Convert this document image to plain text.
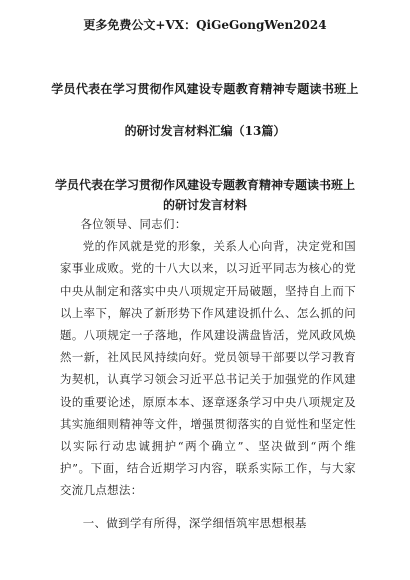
更多免费公文+VX：QiGeGongWen2024
学员代表在学习贯彻作风建设专题教育精神专题读书班上
的研讨发言材料汇编（13篇）
学员代表在学习贯彻作风建设专题教育精神专题读书班上
的研讨发言材料

各位领导、同志们：

党的作风就是党的形象，关系人心向背，决定党和国家事业成败。党的十八大以来，以习近平同志为核心的党中央从制定和落实中央八项规定开局破题，坚持自上而下以上率下，解决了新形势下作风建设抓什么、怎么抓的问题。八项规定一子落地，作风建设满盘皆活，党风政风焕然一新，社风民风持续向好。党员领导干部要以学习教育为契机，认真学习领会习近平总书记关于加强党的作风建设的重要论述，原原本本、逐章逐条学习中央八项规定及其实施细则精神等文件，增强贯彻落实的自觉性和坚定性以实际行动忠诚拥护“两个确立”、坚决做到“两个维护”。下面，结合近期学习内容，联系实际工作，与大家交流几点想法：

一、做到学有所得，深学细悟筑牢思想根基
